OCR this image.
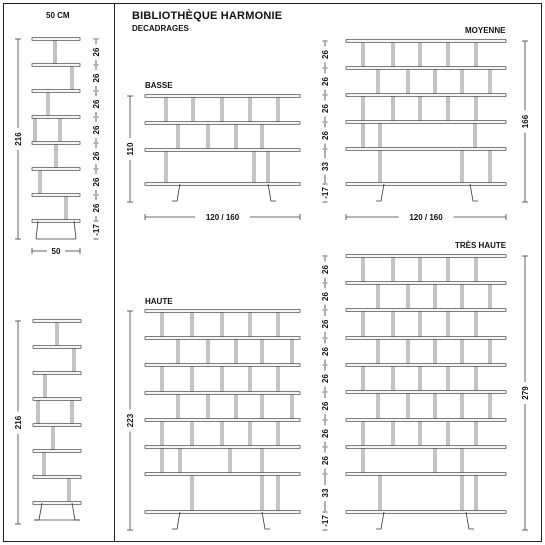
50 CM	BIBLIOTHÈQUE HARMONIE
DECADRAGES
BASSE
MOYENNE
HAUTE
TRÈS HAUTE
216
50
26
26
26
26
26
26
26
-17
216
110
120 / 160
166
120 / 160
26
26
26
26
33
-17
223
279
26
26
26
26
26
26
26
26
33
-17
